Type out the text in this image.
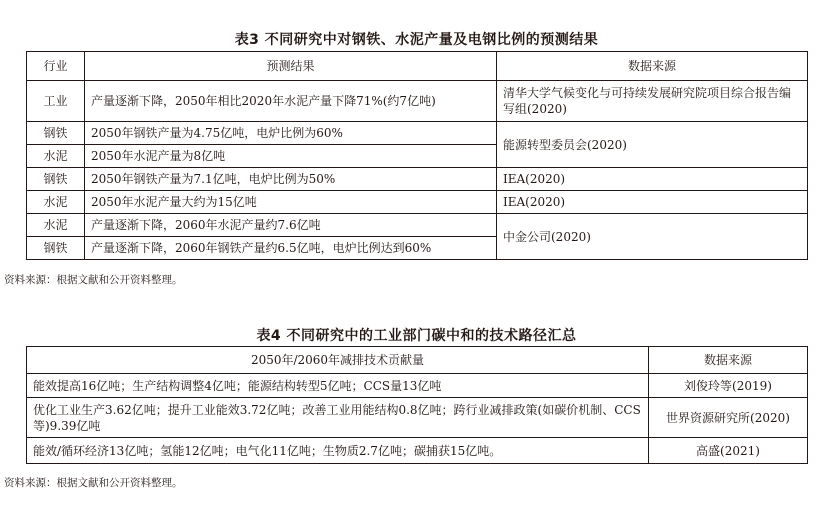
表3 不同研究中对钢铁、水泥产量及电钢比例的预测结果
行业	预测结果	数据来源
工业	产量逐渐下降，2050年相比2020年水泥产量下降71%(约7亿吨)	清华大学气候变化与可持续发展研究院项目综合报告编写组(2020)
钢铁	2050年钢铁产量为4.75亿吨，电炉比例为60%	能源转型委员会(2020)
水泥	2050年水泥产量为8亿吨	
钢铁	2050年钢铁产量为7.1亿吨，电炉比例为50%	IEA(2020)
水泥	2050年水泥产量大约为15亿吨	IEA(2020)
水泥	产量逐渐下降，2060年水泥产量约7.6亿吨	中金公司(2020)
钢铁	产量逐渐下降，2060年钢铁产量约6.5亿吨，电炉比例达到60%	
资料来源：根据文献和公开资料整理。
表4 不同研究中的工业部门碳中和的技术路径汇总
2050年/2060年减排技术贡献量	数据来源
能效提高16亿吨；生产结构调整4亿吨；能源结构转型5亿吨；CCS量13亿吨	刘俊玲等(2019)
优化工业生产3.62亿吨；提升工业能效3.72亿吨；改善工业用能结构0.8亿吨；跨行业减排政策(如碳价机制、CCS等)9.39亿吨	世界资源研究所(2020)
能效/循环经济13亿吨；氢能12亿吨；电气化11亿吨；生物质2.7亿吨；碳捕获15亿吨。	高盛(2021)
资料来源：根据文献和公开资料整理。
